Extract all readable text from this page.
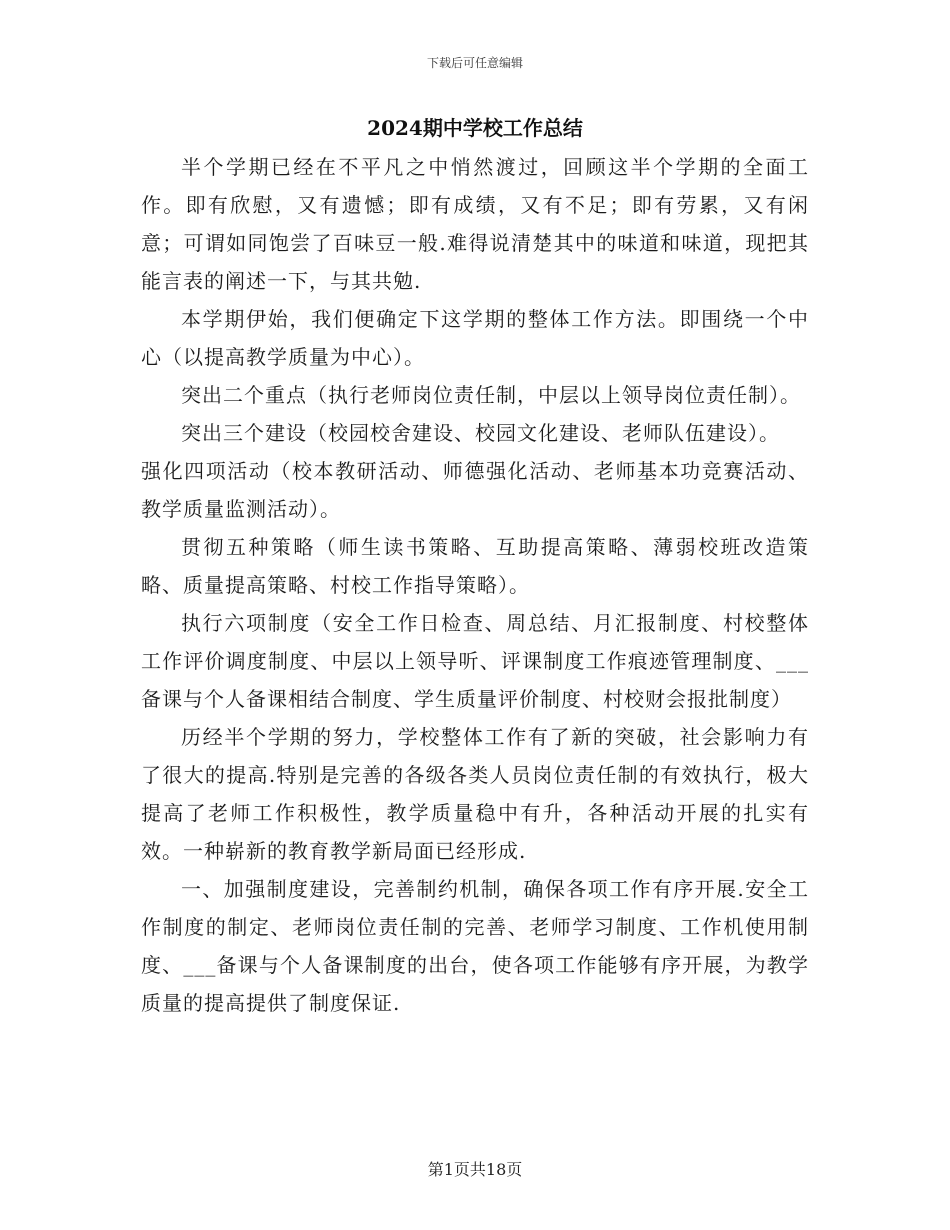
下载后可任意编辑
2024期中学校工作总结

半个学期已经在不平凡之中悄然渡过，回顾这半个学期的全面工作。即有欣慰，又有遗憾；即有成绩，又有不足；即有劳累，又有闲意；可谓如同饱尝了百味豆一般.难得说清楚其中的味道和味道，现把其能言表的阐述一下，与其共勉.

本学期伊始，我们便确定下这学期的整体工作方法。即围绕一个中心（以提高教学质量为中心）。

突出二个重点（执行老师岗位责任制，中层以上领导岗位责任制）。

突出三个建设（校园校舍建设、校园文化建设、老师队伍建设）。

强化四项活动（校本教研活动、师德强化活动、老师基本功竞赛活动、教学质量监测活动）。

贯彻五种策略（师生读书策略、互助提高策略、薄弱校班改造策略、质量提高策略、村校工作指导策略）。

执行六项制度（安全工作日检查、周总结、月汇报制度、村校整体工作评价调度制度、中层以上领导听、评课制度工作痕迹管理制度、___备课与个人备课相结合制度、学生质量评价制度、村校财会报批制度）

历经半个学期的努力，学校整体工作有了新的突破，社会影响力有了很大的提高.特别是完善的各级各类人员岗位责任制的有效执行，极大提高了老师工作积极性，教学质量稳中有升，各种活动开展的扎实有效。一种崭新的教育教学新局面已经形成.

一、加强制度建设，完善制约机制，确保各项工作有序开展.安全工作制度的制定、老师岗位责任制的完善、老师学习制度、工作机使用制度、___备课与个人备课制度的出台，使各项工作能够有序开展，为教学质量的提高提供了制度保证.

第1页共18页
